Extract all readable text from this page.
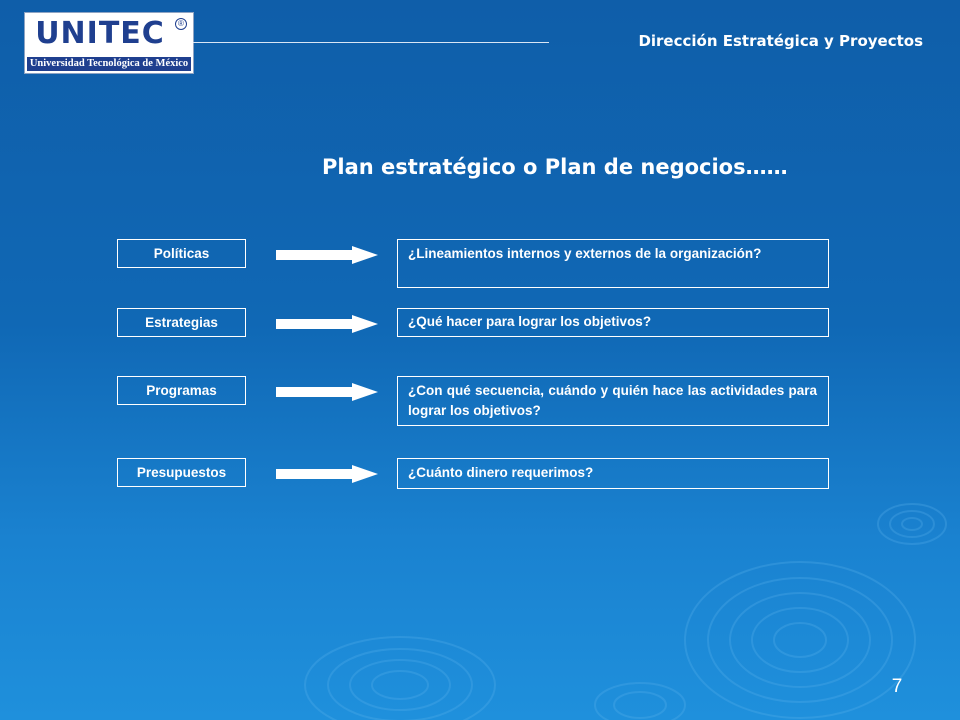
UNITEC	®
Universidad Tecnológica de México
Dirección Estratégica y Proyectos
Plan estratégico o Plan de negocios……
Políticas	¿Lineamientos internos y externos de la organización?
Estrategias	¿Qué hacer para lograr los objetivos?
Programas	¿Con qué secuencia, cuándo y quién hace las actividades para lograr los objetivos?
Presupuestos	¿Cuánto dinero requerimos?
7
